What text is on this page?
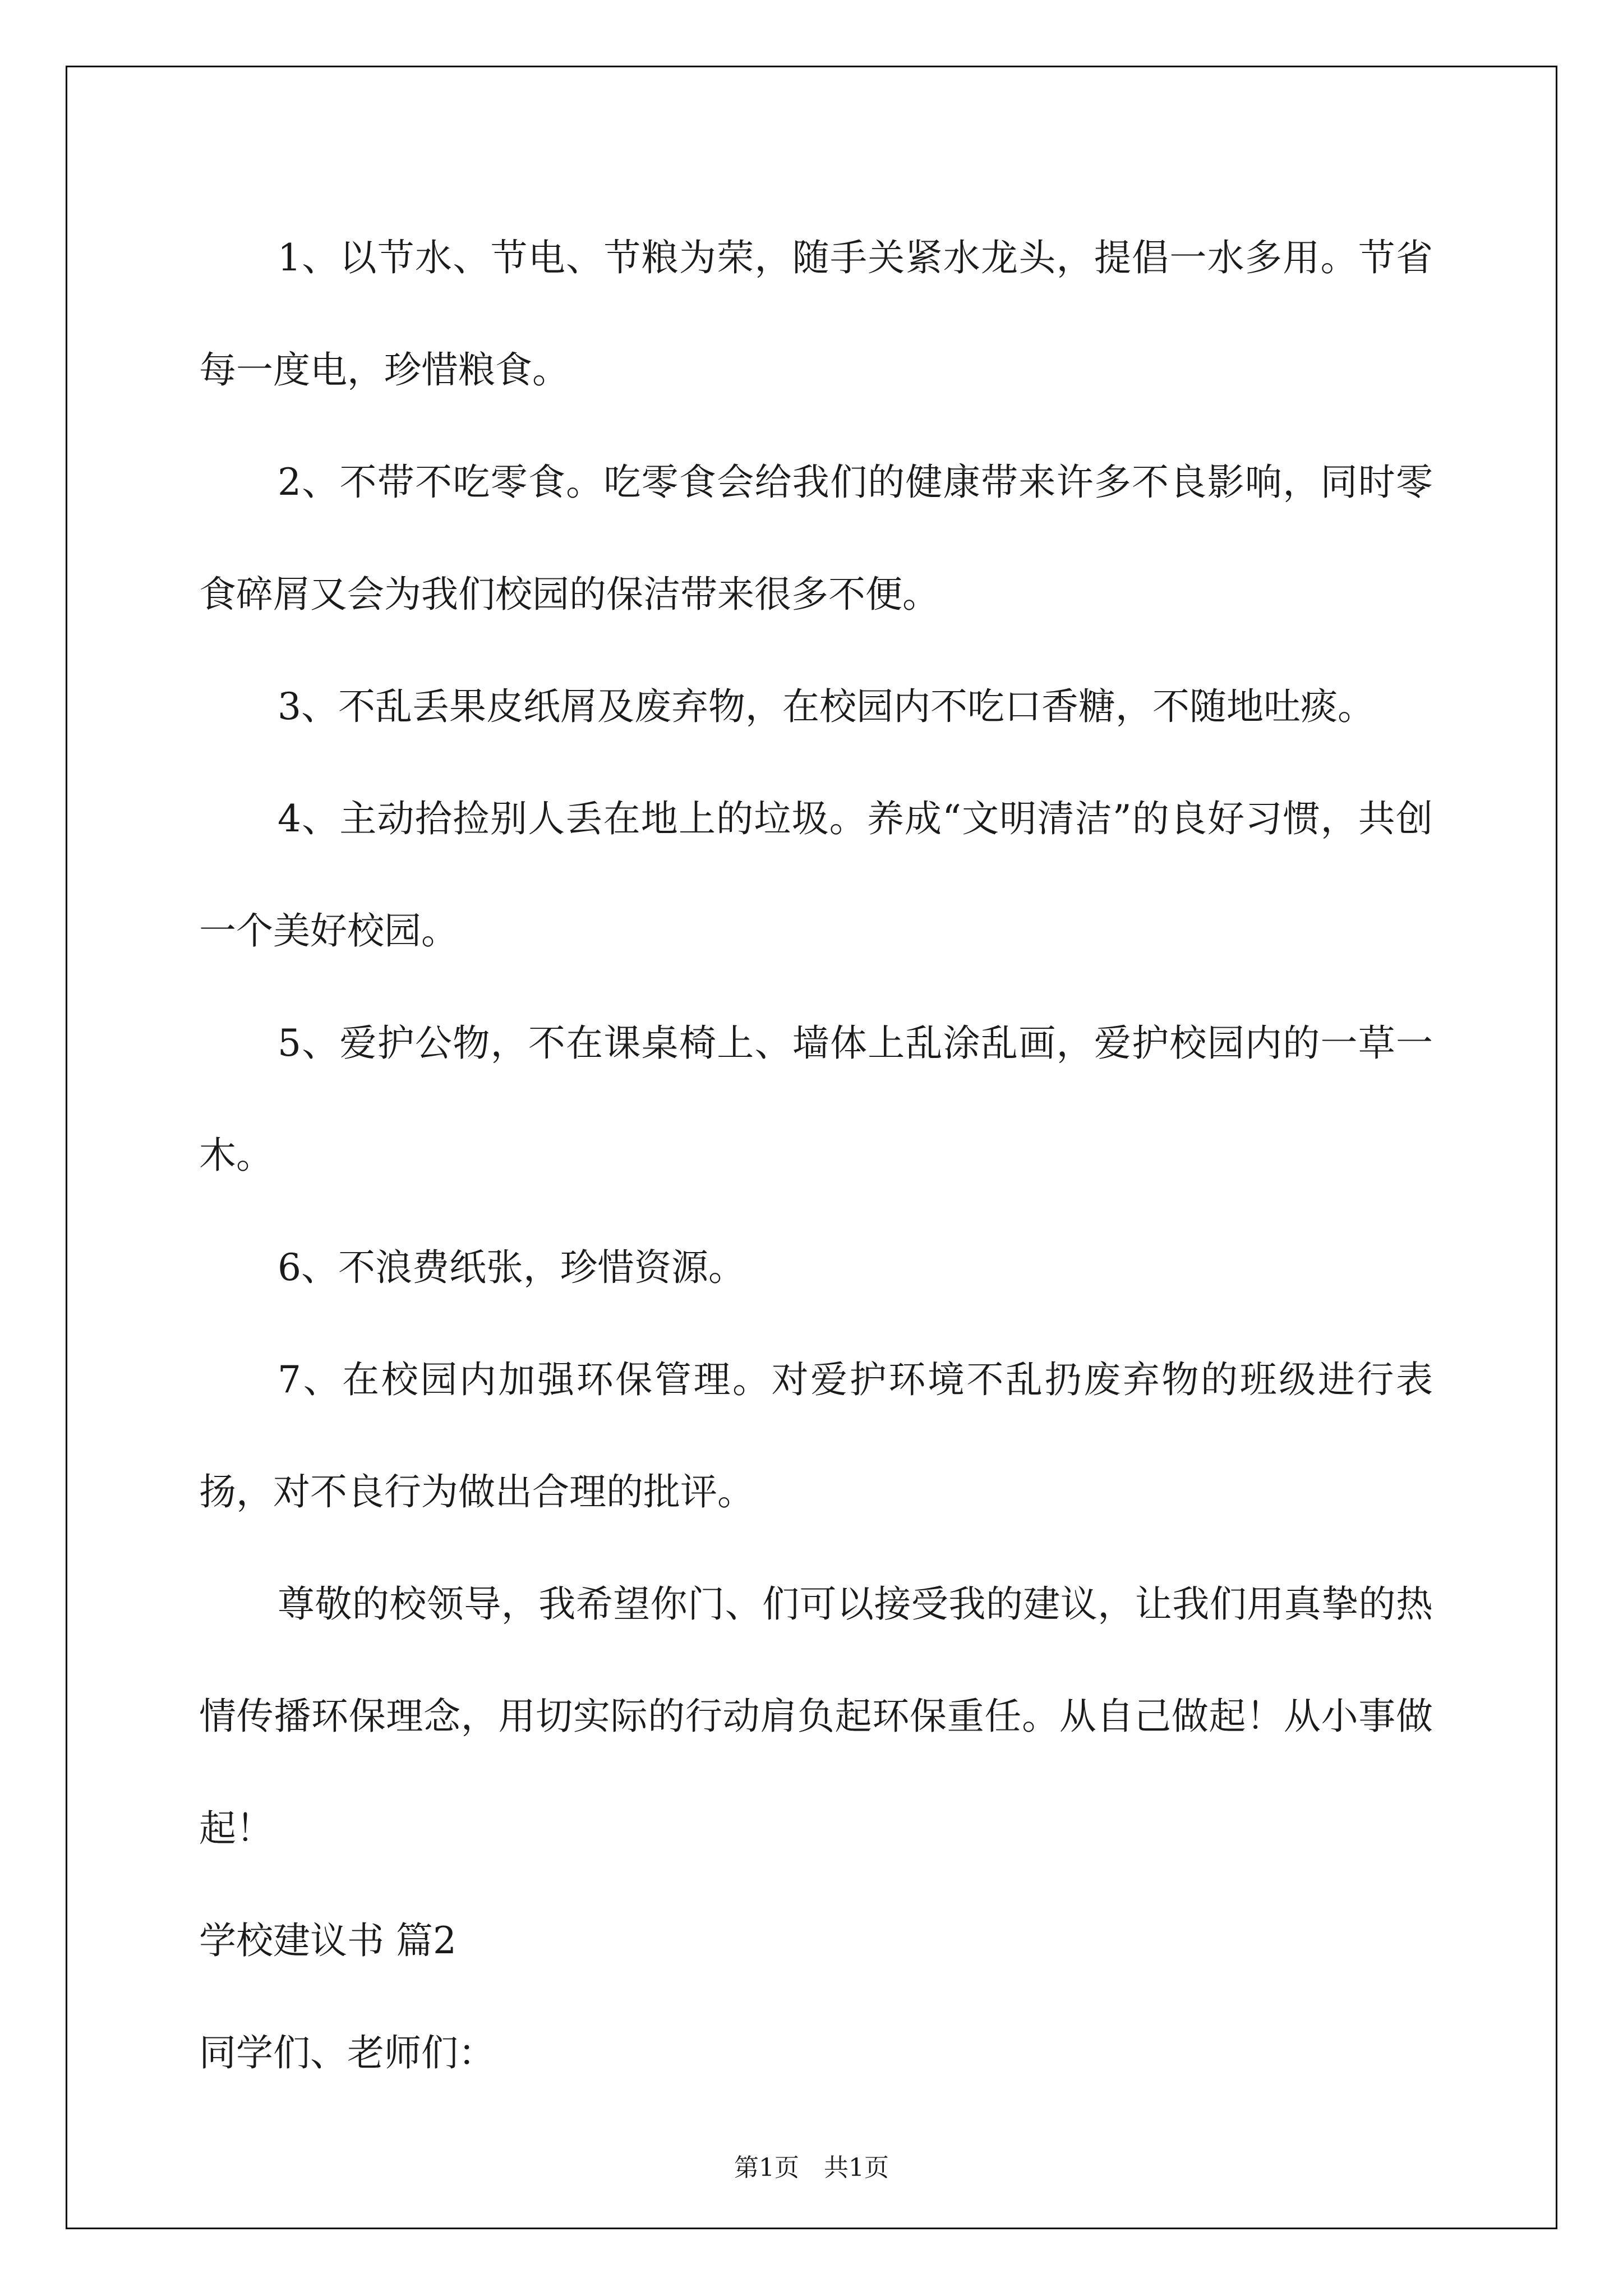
1、以节水、节电、节粮为荣，随手关紧水龙头，提倡一水多用。节省每一度电，珍惜粮食。

2、不带不吃零食。吃零食会给我们的健康带来许多不良影响，同时零食碎屑又会为我们校园的保洁带来很多不便。

3、不乱丢果皮纸屑及废弃物，在校园内不吃口香糖，不随地吐痰。

4、主动拾捡别人丢在地上的垃圾。养成“文明清洁”的良好习惯，共创一个美好校园。

5、爱护公物，不在课桌椅上、墙体上乱涂乱画，爱护校园内的一草一木。

6、不浪费纸张，珍惜资源。

7、在校园内加强环保管理。对爱护环境不乱扔废弃物的班级进行表扬，对不良行为做出合理的批评。

尊敬的校领导，我希望你门、们可以接受我的建议，让我们用真挚的热情传播环保理念，用切实际的行动肩负起环保重任。从自己做起！从小事做起！

学校建议书 篇2

同学们、老师们：

第1页 共1页
